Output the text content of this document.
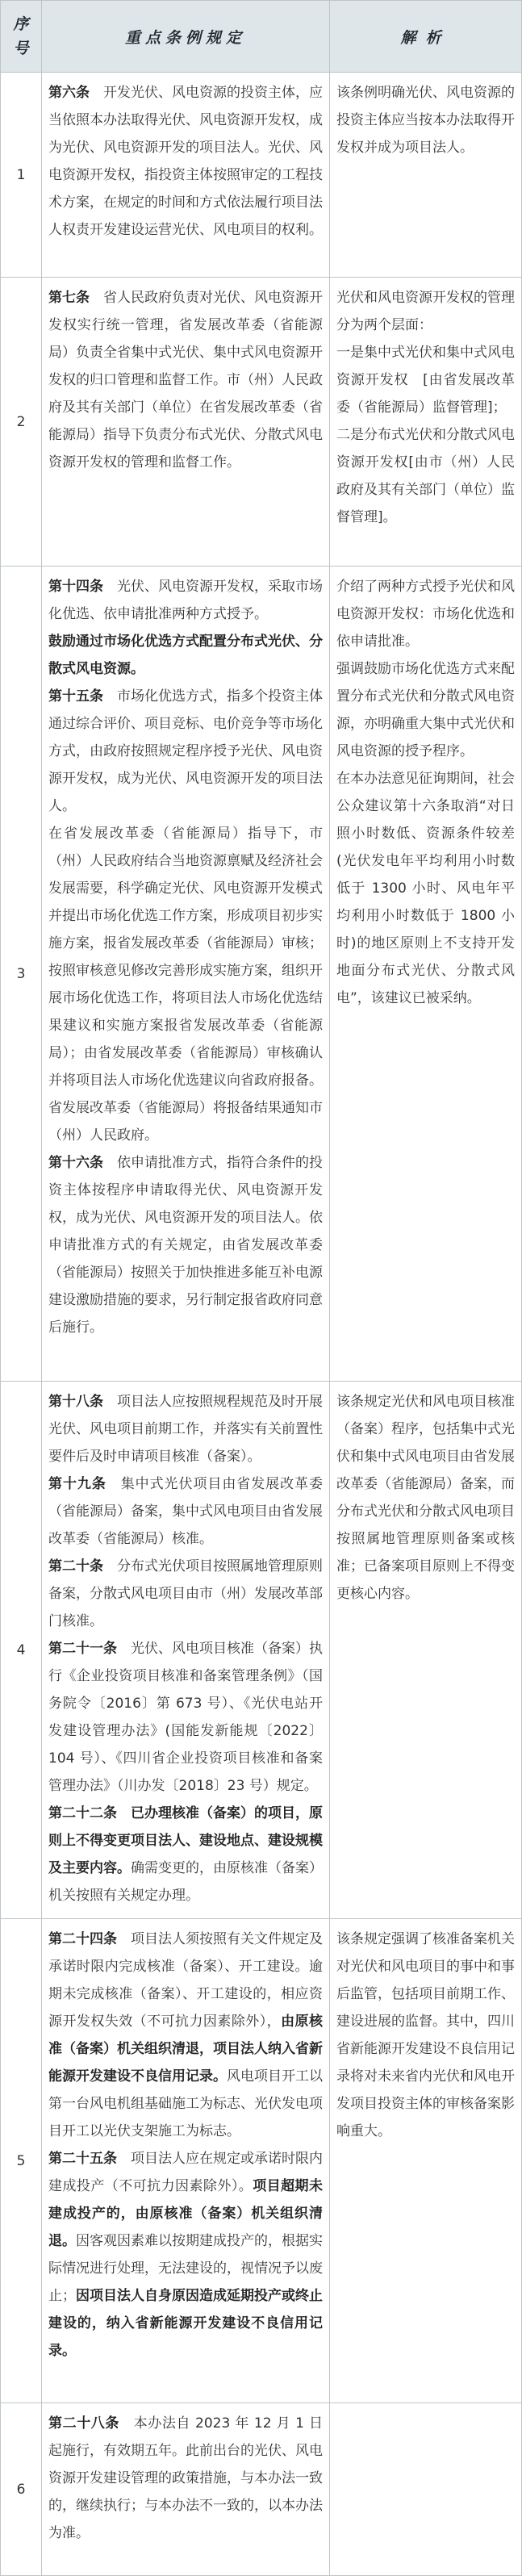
序号
重点条例规定	解析
1

第六条　开发光伏、风电资源的投资主体，应当依照本办法取得光伏、风电资源开发权，成为光伏、风电资源开发的项目法人。光伏、风电资源开发权，指投资主体按照审定的工程技术方案，在规定的时间和方式依法履行项目法人权责开发建设运营光伏、风电项目的权利。

该条例明确光伏、风电资源的投资主体应当按本办法取得开发权并成为项目法人。

2

第七条　省人民政府负责对光伏、风电资源开发权实行统一管理，省发展改革委（省能源局）负责全省集中式光伏、集中式风电资源开发权的归口管理和监督工作。市（州）人民政府及其有关部门（单位）在省发展改革委（省能源局）指导下负责分布式光伏、分散式风电资源开发权的管理和监督工作。

光伏和风电资源开发权的管理分为两个层面：

一是集中式光伏和集中式风电资源开发权　[由省发展改革委（省能源局）监督管理]；

二是分布式光伏和分散式风电资源开发权[由市（州）人民政府及其有关部门（单位）监督管理]。

3

第十四条　光伏、风电资源开发权，采取市场化优选、依申请批准两种方式授予。

鼓励通过市场化优选方式配置分布式光伏、分散式风电资源。

第十五条　市场化优选方式，指多个投资主体通过综合评价、项目竞标、电价竞争等市场化方式，由政府按照规定程序授予光伏、风电资源开发权，成为光伏、风电资源开发的项目法人。

在省发展改革委（省能源局）指导下，市（州）人民政府结合当地资源禀赋及经济社会发展需要，科学确定光伏、风电资源开发模式并提出市场化优选工作方案，形成项目初步实施方案，报省发展改革委（省能源局）审核；按照审核意见修改完善形成实施方案，组织开展市场化优选工作，将项目法人市场化优选结果建议和实施方案报省发展改革委（省能源局）；由省发展改革委（省能源局）审核确认并将项目法人市场化优选建议向省政府报备。

省发展改革委（省能源局）将报备结果通知市（州）人民政府。

第十六条　依申请批准方式，指符合条件的投资主体按程序申请取得光伏、风电资源开发权，成为光伏、风电资源开发的项目法人。依申请批准方式的有关规定，由省发展改革委（省能源局）按照关于加快推进多能互补电源建设激励措施的要求，另行制定报省政府同意后施行。

介绍了两种方式授予光伏和风电资源开发权：市场化优选和依申请批准。

强调鼓励市场化优选方式来配置分布式光伏和分散式风电资源，亦明确重大集中式光伏和风电资源的授予程序。

在本办法意见征询期间，社会公众建议第十六条取消“对日照小时数低、资源条件较差(光伏发电年平均利用小时数低于 1300 小时、风电年平均利用小时数低于 1800 小时)的地区原则上不支持开发地面分布式光伏、分散式风电”，该建议已被采纳。

4

第十八条　项目法人应按照规程规范及时开展光伏、风电项目前期工作，并落实有关前置性要件后及时申请项目核准（备案）。

第十九条　集中式光伏项目由省发展改革委（省能源局）备案，集中式风电项目由省发展改革委（省能源局）核准。

第二十条　分布式光伏项目按照属地管理原则备案，分散式风电项目由市（州）发展改革部门核准。

第二十一条　光伏、风电项目核准（备案）执行《企业投资项目核准和备案管理条例》（国务院令〔2016〕第 673 号）、《光伏电站开发建设管理办法》(国能发新能规〔2022〕104 号）、《四川省企业投资项目核准和备案管理办法》（川办发〔2018〕23 号）规定。

第二十二条　已办理核准（备案）的项目，原则上不得变更项目法人、建设地点、建设规模及主要内容。确需变更的，由原核准（备案）机关按照有关规定办理。

该条规定光伏和风电项目核准（备案）程序，包括集中式光伏和集中式风电项目由省发展改革委（省能源局）备案，而分布式光伏和分散式风电项目按照属地管理原则备案或核准；已备案项目原则上不得变更核心内容。

5

第二十四条　项目法人须按照有关文件规定及承诺时限内完成核准（备案）、开工建设。逾期未完成核准（备案）、开工建设的，相应资源开发权失效（不可抗力因素除外），由原核准（备案）机关组织清退，项目法人纳入省新能源开发建设不良信用记录。风电项目开工以第一台风电机组基础施工为标志、光伏发电项目开工以光伏支架施工为标志。

第二十五条　项目法人应在规定或承诺时限内建成投产（不可抗力因素除外）。项目超期未建成投产的，由原核准（备案）机关组织清退。因客观因素难以按期建成投产的，根据实际情况进行处理，无法建设的，视情况予以废止；因项目法人自身原因造成延期投产或终止建设的，纳入省新能源开发建设不良信用记录。

该条规定强调了核准备案机关对光伏和风电项目的事中和事后监管，包括项目前期工作、建设进展的监督。其中，四川省新能源开发建设不良信用记录将对未来省内光伏和风电开发项目投资主体的审核备案影响重大。

6

第二十八条　本办法自 2023 年 12 月 1 日起施行，有效期五年。此前出台的光伏、风电资源开发建设管理的政策措施，与本办法一致的，继续执行；与本办法不一致的，以本办法为准。
